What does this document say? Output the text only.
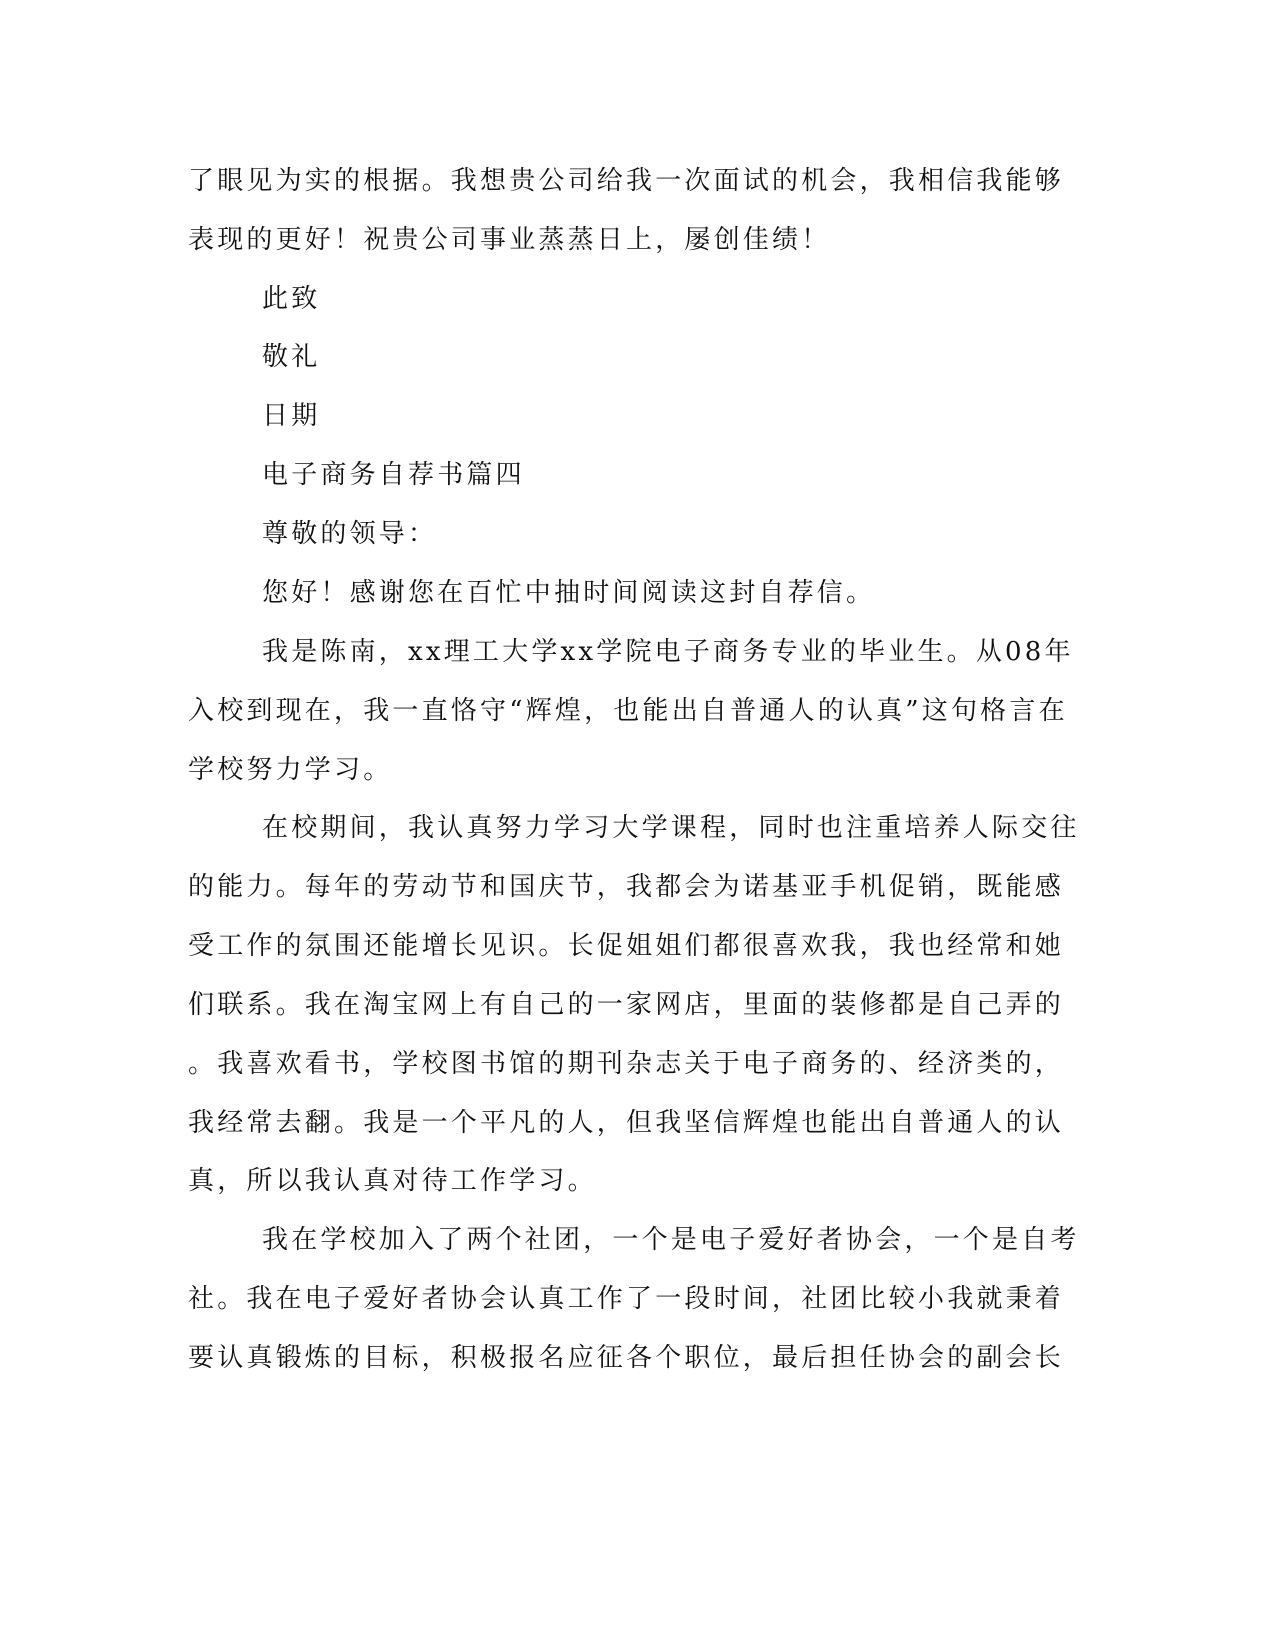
了眼见为实的根据。我想贵公司给我一次面试的机会，我相信我能够
表现的更好！祝贵公司事业蒸蒸日上，屡创佳绩！
此致
敬礼
日期
电子商务自荐书篇四
尊敬的领导：
您好！感谢您在百忙中抽时间阅读这封自荐信。
我是陈南，xx理工大学xx学院电子商务专业的毕业生。从08年
入校到现在，我一直恪守“辉煌，也能出自普通人的认真”这句格言在
学校努力学习。
在校期间，我认真努力学习大学课程，同时也注重培养人际交往
的能力。每年的劳动节和国庆节，我都会为诺基亚手机促销，既能感
受工作的氛围还能增长见识。长促姐姐们都很喜欢我，我也经常和她
们联系。我在淘宝网上有自己的一家网店，里面的装修都是自己弄的
。我喜欢看书，学校图书馆的期刊杂志关于电子商务的、经济类的，
我经常去翻。我是一个平凡的人，但我坚信辉煌也能出自普通人的认
真，所以我认真对待工作学习。
我在学校加入了两个社团，一个是电子爱好者协会，一个是自考
社。我在电子爱好者协会认真工作了一段时间，社团比较小我就秉着
要认真锻炼的目标，积极报名应征各个职位，最后担任协会的副会长
